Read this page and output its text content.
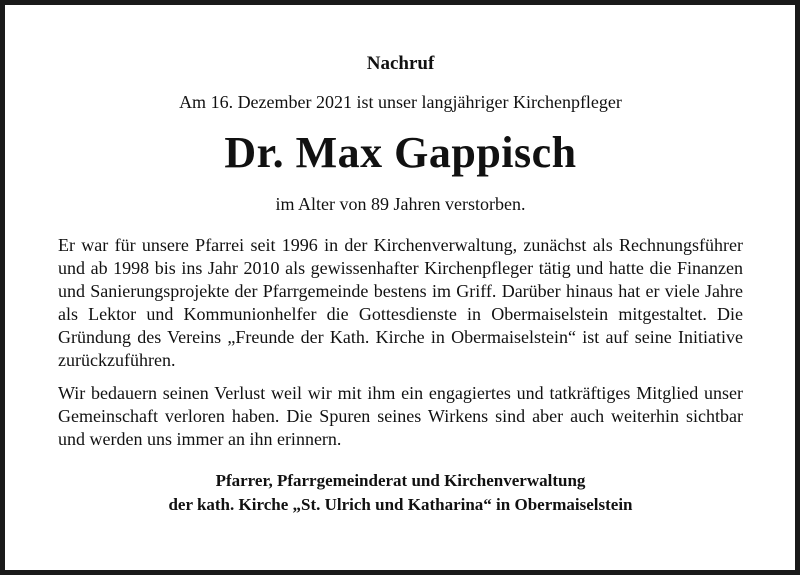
Nachruf

Am 16. Dezember 2021 ist unser langjähriger Kirchenpfleger

Dr. Max Gappisch

im Alter von 89 Jahren verstorben.

Er war für unsere Pfarrei seit 1996 in der Kirchenverwaltung, zunächst als Rechnungsführer und ab 1998 bis ins Jahr 2010 als gewissenhafter Kirchenpfleger tätig und hatte die Finanzen und Sanierungsprojekte der Pfarrgemeinde bestens im Griff. Darüber hinaus hat er viele Jahre als Lektor und Kommunionhelfer die Gottesdienste in Obermaiselstein mitgestaltet. Die Gründung des Vereins „Freunde der Kath. Kirche in Obermaiselstein“ ist auf seine Initiative zurückzuführen.

Wir bedauern seinen Verlust weil wir mit ihm ein engagiertes und tatkräftiges Mitglied unser Gemeinschaft verloren haben. Die Spuren seines Wirkens sind aber auch weiterhin sichtbar und werden uns immer an ihn erinnern.

Pfarrer, Pfarrgemeinderat und Kirchenverwaltung
der kath. Kirche „St. Ulrich und Katharina“ in Obermaiselstein
